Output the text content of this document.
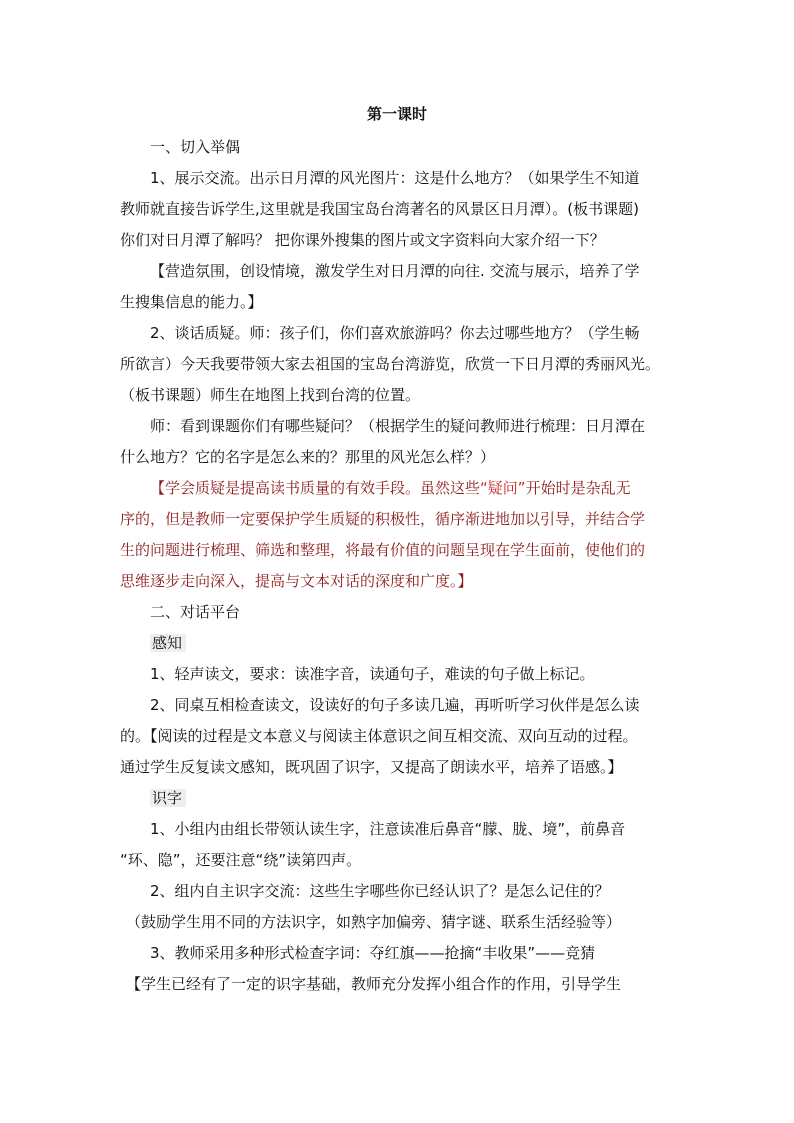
第一课时

一、切入举偶

1、展示交流。出示日月潭的风光图片：这是什么地方？（如果学生不知道

教师就直接告诉学生,这里就是我国宝岛台湾著名的风景区日月潭）。(板书课题)

你们对日月潭了解吗？ 把你课外搜集的图片或文字资料向大家介绍一下？

【营造氛围，创设情境，激发学生对日月潭的向往. 交流与展示，培养了学

生搜集信息的能力。】

2、谈话质疑。师：孩子们，你们喜欢旅游吗？你去过哪些地方？（学生畅

所欲言）今天我要带领大家去祖国的宝岛台湾游览，欣赏一下日月潭的秀丽风光。

（板书课题）师生在地图上找到台湾的位置。

师：看到课题你们有哪些疑问？（根据学生的疑问教师进行梳理：日月潭在

什么地方？它的名字是怎么来的？那里的风光怎么样？）

【学会质疑是提高读书质量的有效手段。虽然这些“疑问”开始时是杂乱无

序的，但是教师一定要保护学生质疑的积极性，循序渐进地加以引导，并结合学

生的问题进行梳理、筛选和整理，将最有价值的问题呈现在学生面前，使他们的

思维逐步走向深入，提高与文本对话的深度和广度。】

二、对话平台

感知

1、轻声读文，要求：读准字音，读通句子，难读的句子做上标记。

2、同桌互相检查读文，设读好的句子多读几遍，再听听学习伙伴是怎么读

的。【阅读的过程是文本意义与阅读主体意识之间互相交流、双向互动的过程。

通过学生反复读文感知，既巩固了识字，又提高了朗读水平，培养了语感。】

识字

1、小组内由组长带领认读生字，注意读准后鼻音“朦、胧、境”，前鼻音

“环、隐”，还要注意“绕”读第四声。

2、组内自主识字交流：这些生字哪些你已经认识了？是怎么记住的？

（鼓励学生用不同的方法识字，如熟字加偏旁、猜字谜、联系生活经验等）

3、教师采用多种形式检查字词：夺红旗——抢摘“丰收果”——竞猜

【学生已经有了一定的识字基础，教师充分发挥小组合作的作用，引导学生
